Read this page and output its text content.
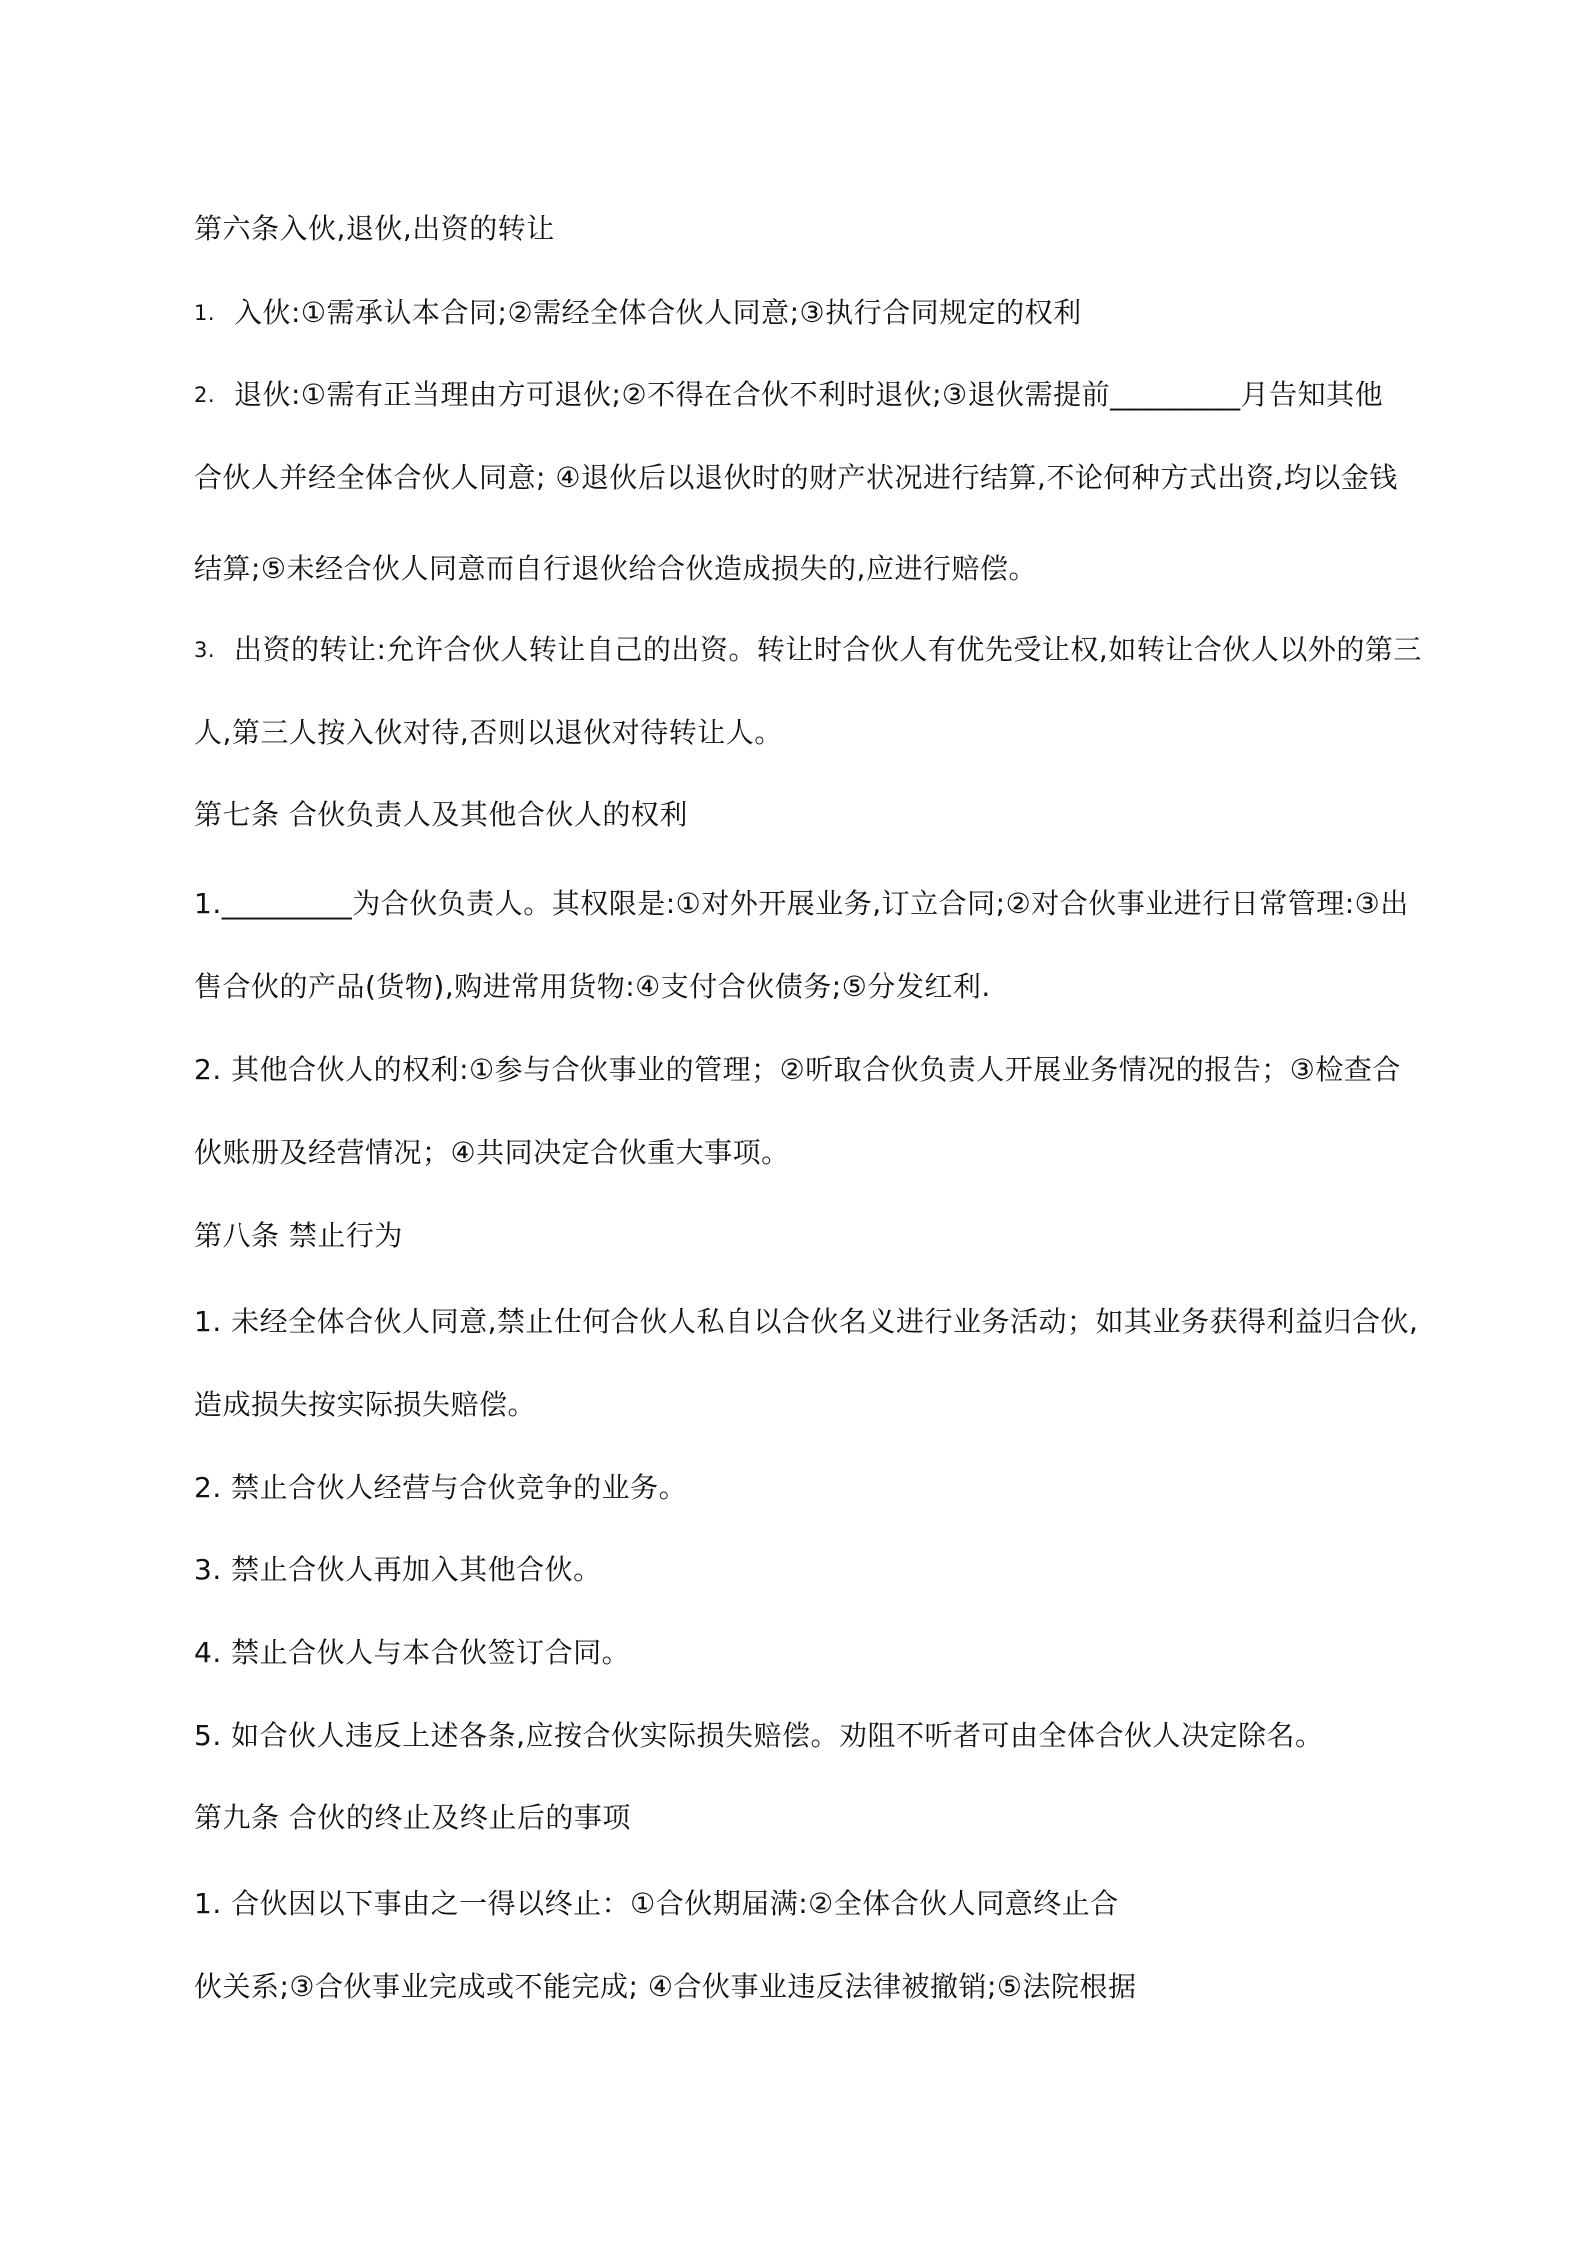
第六条入伙,退伙,出资的转让
1. 入伙:①需承认本合同;②需经全体合伙人同意;③执行合同规定的权利
2. 退伙:①需有正当理由方可退伙;②不得在合伙不利时退伙;③退伙需提前_________月告知其他
合伙人并经全体合伙人同意; ④退伙后以退伙时的财产状况进行结算,不论何种方式出资,均以金钱
结算;⑤未经合伙人同意而自行退伙给合伙造成损失的,应进行赔偿。
3. 出资的转让:允许合伙人转让自己的出资。转让时合伙人有优先受让权,如转让合伙人以外的第三
人,第三人按入伙对待,否则以退伙对待转让人。
第七条 合伙负责人及其他合伙人的权利
1._________为合伙负责人。其权限是:①对外开展业务,订立合同;②对合伙事业进行日常管理:③出
售合伙的产品(货物),购进常用货物:④支付合伙债务;⑤分发红利.
2. 其他合伙人的权利:①参与合伙事业的管理；②听取合伙负责人开展业务情况的报告；③检查合
伙账册及经营情况；④共同决定合伙重大事项。
第八条 禁止行为
1. 未经全体合伙人同意,禁止仕何合伙人私自以合伙名义进行业务活动；如其业务获得利益归合伙,
造成损失按实际损失赔偿。
2. 禁止合伙人经营与合伙竞争的业务。
3. 禁止合伙人再加入其他合伙。
4. 禁止合伙人与本合伙签订合同。
5. 如合伙人违反上述各条,应按合伙实际损失赔偿。劝阻不听者可由全体合伙人决定除名。
第九条 合伙的终止及终止后的事项
1. 合伙因以下事由之一得以终止：①合伙期届满:②全体合伙人同意终止合
伙关系;③合伙事业完成或不能完成; ④合伙事业违反法律被撤销;⑤法院根据
